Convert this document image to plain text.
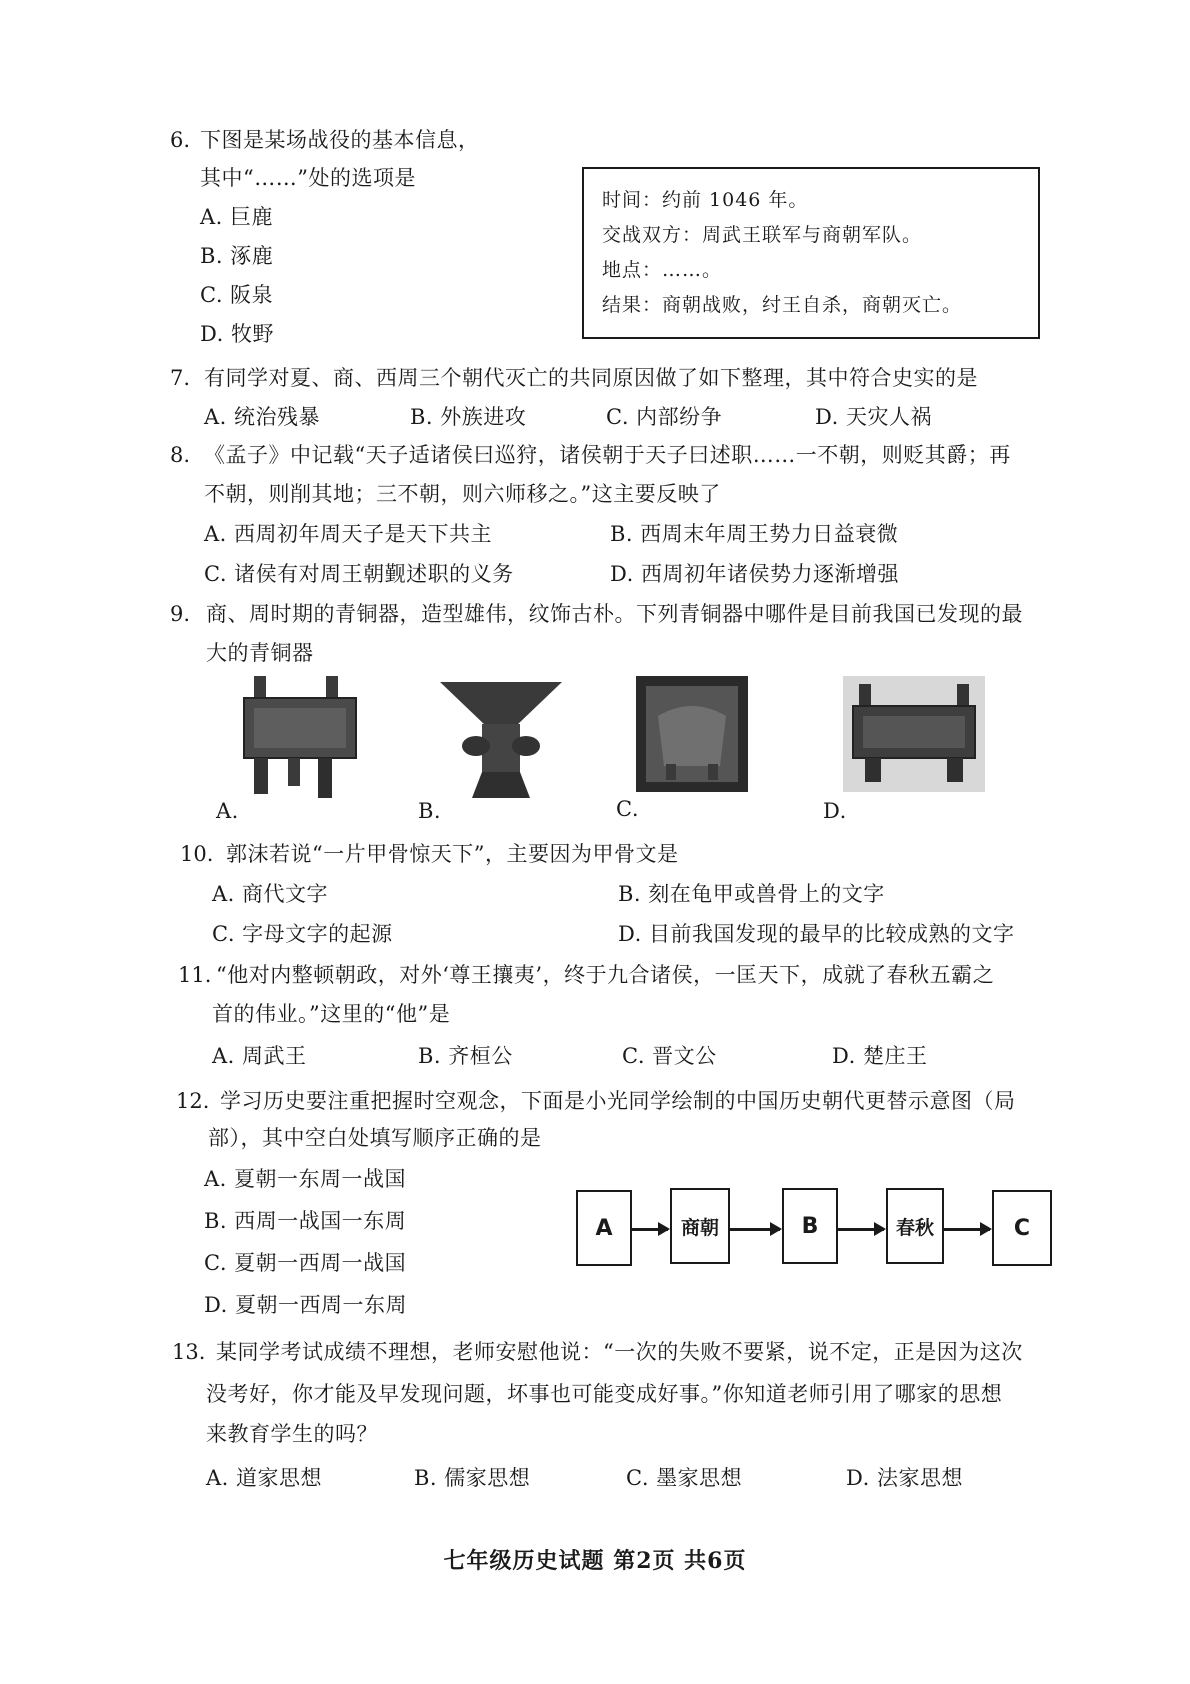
6. 下图是某场战役的基本信息，
其中“……”处的选项是
A. 巨鹿
B. 涿鹿
C. 阪泉
D. 牧野
时间：约前 1046 年。
交战双方：周武王联军与商朝军队。
地点：……。
结果：商朝战败，纣王自杀，商朝灭亡。
7. 有同学对夏、商、西周三个朝代灭亡的共同原因做了如下整理，其中符合史实的是
A. 统治残暴	B. 外族进攻	C. 内部纷争	D. 天灾人祸
8. 《孟子》中记载“天子适诸侯曰巡狩，诸侯朝于天子曰述职……一不朝，则贬其爵；再
不朝，则削其地；三不朝，则六师移之。”这主要反映了
A. 西周初年周天子是天下共主	B. 西周末年周王势力日益衰微
C. 诸侯有对周王朝觐述职的义务	D. 西周初年诸侯势力逐渐增强
9. 商、周时期的青铜器，造型雄伟，纹饰古朴。下列青铜器中哪件是目前我国已发现的最
大的青铜器
A.	B.	C.	D.
10. 郭沫若说“一片甲骨惊天下”，主要因为甲骨文是
A. 商代文字	B. 刻在龟甲或兽骨上的文字
C. 字母文字的起源	D. 目前我国发现的最早的比较成熟的文字
11. “他对内整顿朝政，对外‘尊王攘夷’，终于九合诸侯，一匡天下，成就了春秋五霸之
首的伟业。”这里的“他”是
A. 周武王	B. 齐桓公	C. 晋文公	D. 楚庄王
12. 学习历史要注重把握时空观念，下面是小光同学绘制的中国历史朝代更替示意图（局
部），其中空白处填写顺序正确的是
A. 夏朝一东周一战国
B. 西周一战国一东周
C. 夏朝一西周一战国
D. 夏朝一西周一东周
A	商朝	B	春秋	C
13. 某同学考试成绩不理想，老师安慰他说：“一次的失败不要紧，说不定，正是因为这次
没考好，你才能及早发现问题，坏事也可能变成好事。”你知道老师引用了哪家的思想
来教育学生的吗？
A. 道家思想	B. 儒家思想	C. 墨家思想	D. 法家思想
七年级历史试题 第2页 共6页
